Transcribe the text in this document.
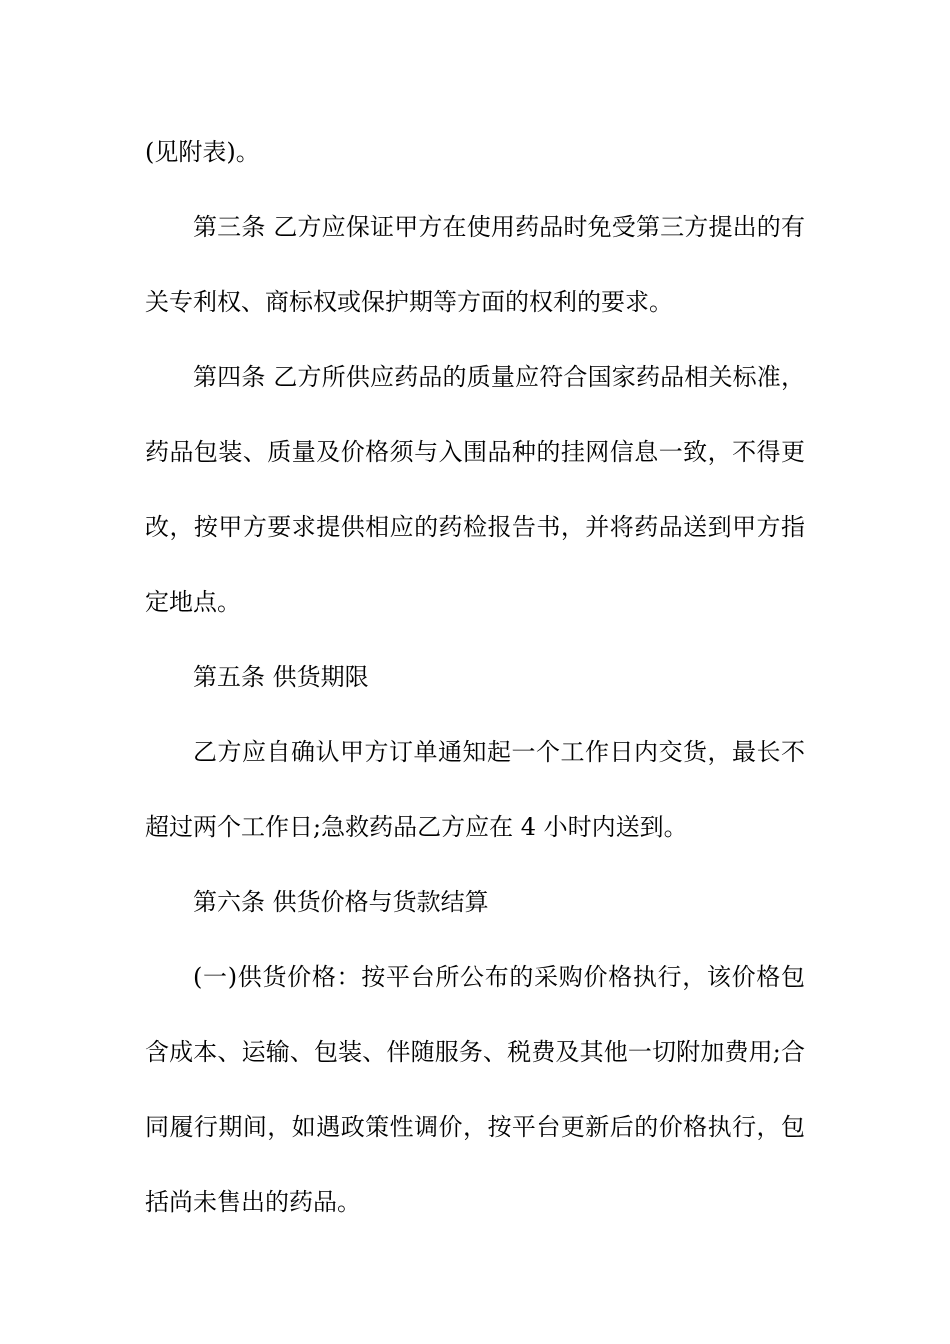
(见附表)。
第三条 乙方应保证甲方在使用药品时免受第三方提出的有
关专利权、商标权或保护期等方面的权利的要求。
第四条 乙方所供应药品的质量应符合国家药品相关标准，
药品包装、质量及价格须与入围品种的挂网信息一致，不得更
改，按甲方要求提供相应的药检报告书，并将药品送到甲方指
定地点。
第五条 供货期限
乙方应自确认甲方订单通知起一个工作日内交货，最长不
超过两个工作日;急救药品乙方应在 4 小时内送到。
第六条 供货价格与货款结算
(一)供货价格：按平台所公布的采购价格执行，该价格包
含成本、运输、包装、伴随服务、税费及其他一切附加费用;合
同履行期间，如遇政策性调价，按平台更新后的价格执行，包
括尚未售出的药品。
